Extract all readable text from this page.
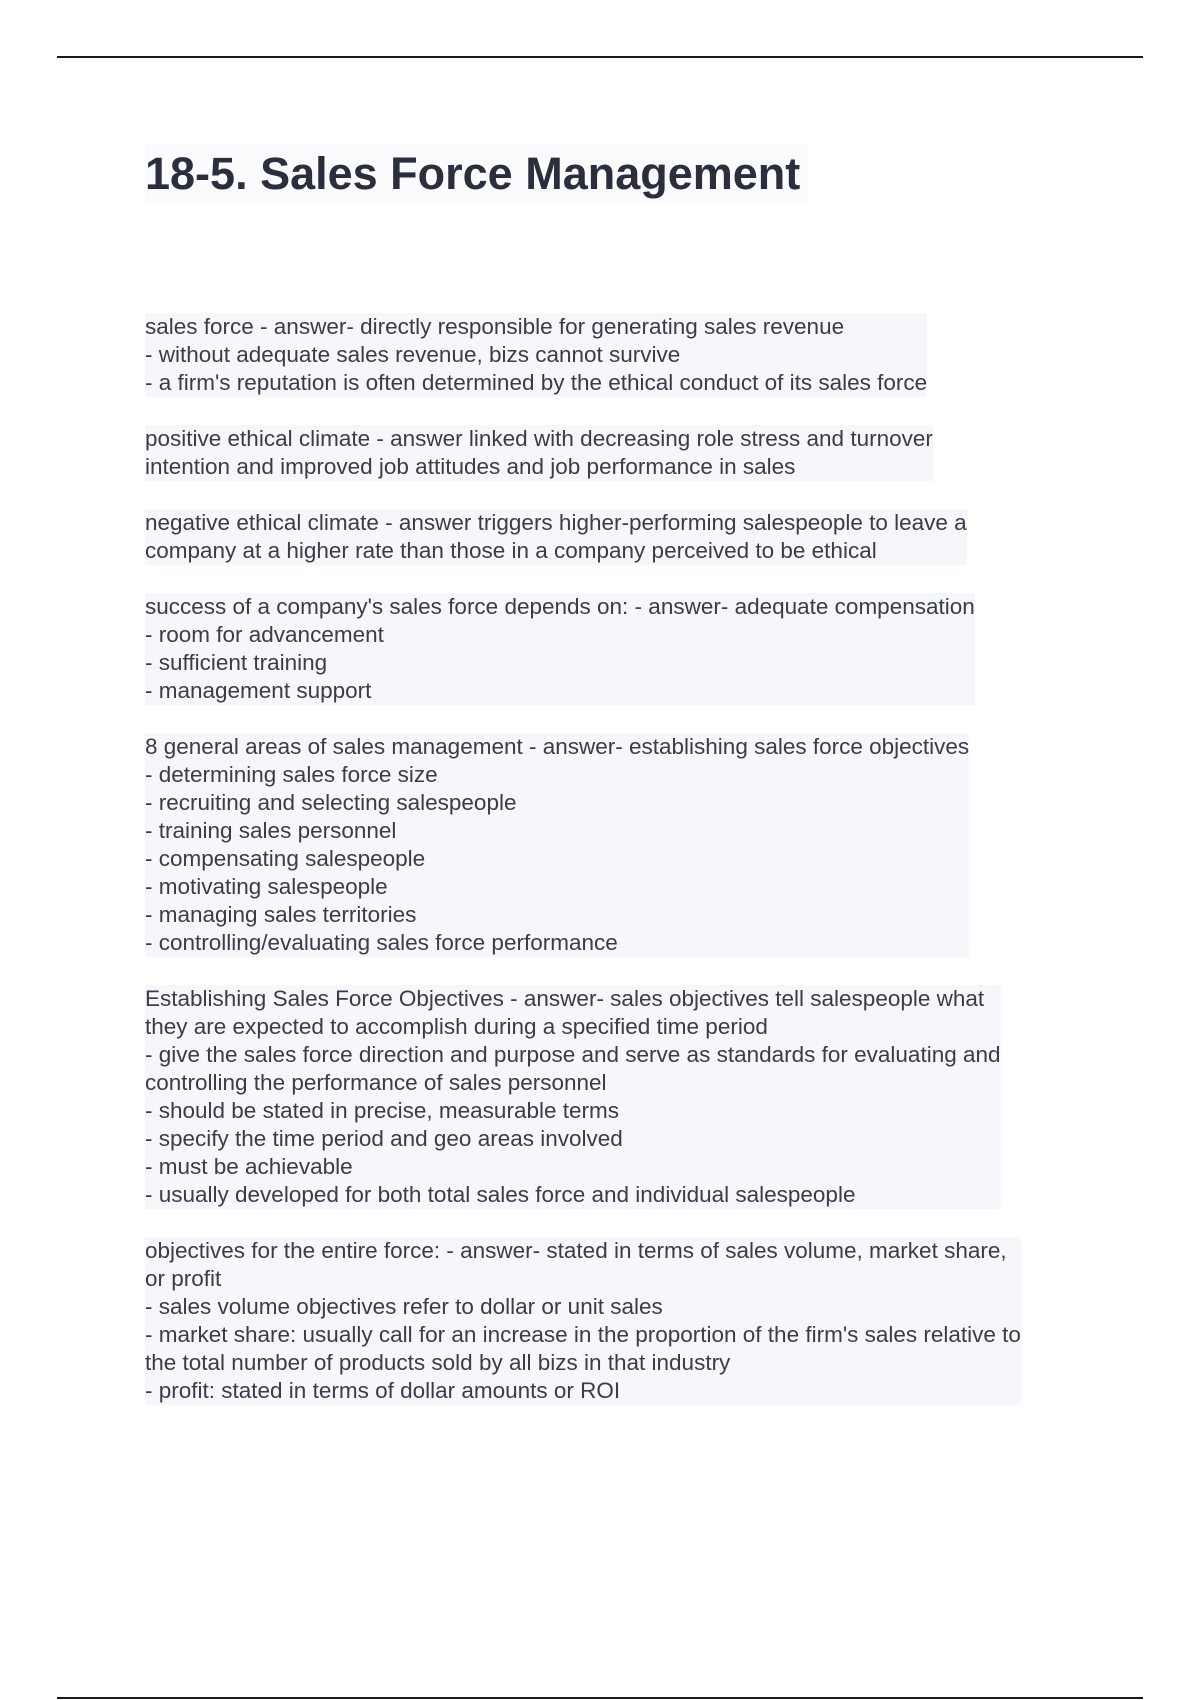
18-5. Sales Force Management
sales force - answer- directly responsible for generating sales revenue
- without adequate sales revenue, bizs cannot survive
- a firm's reputation is often determined by the ethical conduct of its sales force

positive ethical climate - answer linked with decreasing role stress and turnover
intention and improved job attitudes and job performance in sales

negative ethical climate - answer triggers higher-performing salespeople to leave a
company at a higher rate than those in a company perceived to be ethical

success of a company's sales force depends on: - answer- adequate compensation
- room for advancement
- sufficient training
- management support

8 general areas of sales management - answer- establishing sales force objectives
- determining sales force size
- recruiting and selecting salespeople
- training sales personnel
- compensating salespeople
- motivating salespeople
- managing sales territories
- controlling/evaluating sales force performance

Establishing Sales Force Objectives - answer- sales objectives tell salespeople what
they are expected to accomplish during a specified time period
- give the sales force direction and purpose and serve as standards for evaluating and
controlling the performance of sales personnel
- should be stated in precise, measurable terms
- specify the time period and geo areas involved
- must be achievable
- usually developed for both total sales force and individual salespeople

objectives for the entire force: - answer- stated in terms of sales volume, market share,
or profit
- sales volume objectives refer to dollar or unit sales
- market share: usually call for an increase in the proportion of the firm's sales relative to
the total number of products sold by all bizs in that industry
- profit: stated in terms of dollar amounts or ROI
